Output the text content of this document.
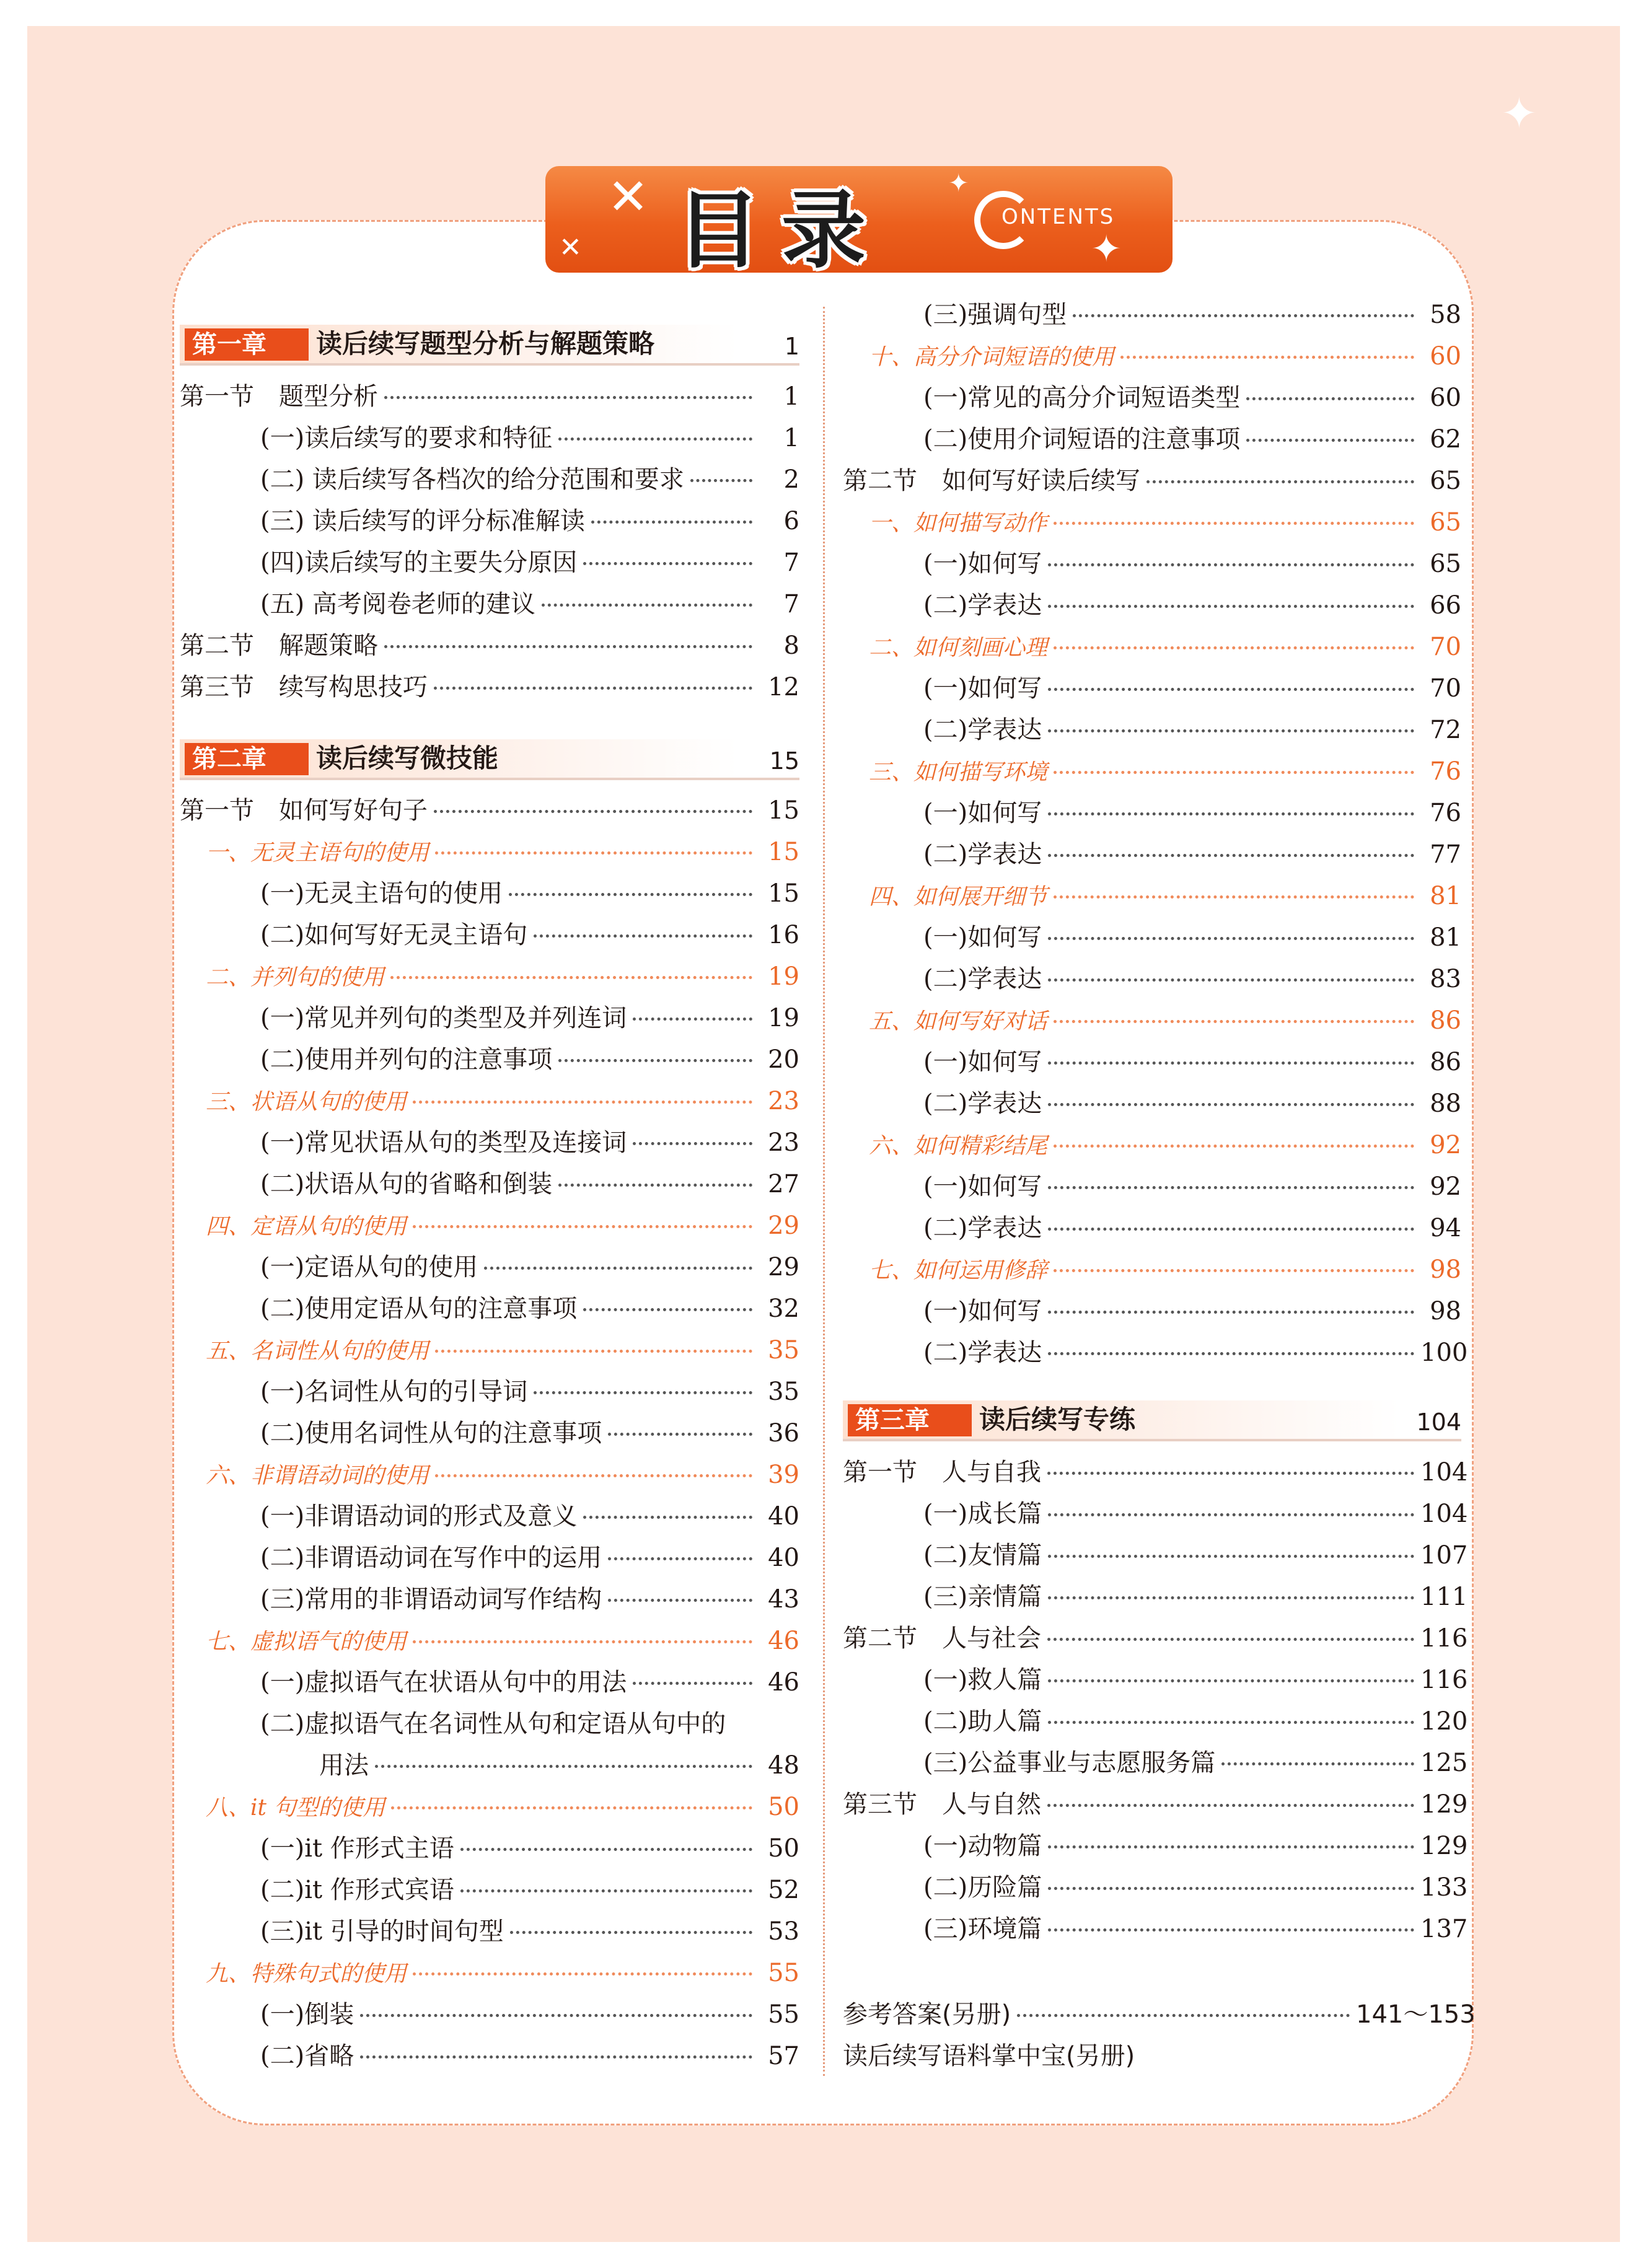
✦
✕
✕
✦
✦
目录	ONTENTS
第一章	读后续写题型分析与解题策略	1
第一节　题型分析	1
(一)读后续写的要求和特征	1
(二) 读后续写各档次的给分范围和要求	2
(三) 读后续写的评分标准解读	6
(四)读后续写的主要失分原因	7
(五) 高考阅卷老师的建议	7
第二节　解题策略	8
第三节　续写构思技巧	12
第二章	读后续写微技能	15
第一节　如何写好句子	15
一、无灵主语句的使用	15
(一)无灵主语句的使用	15
(二)如何写好无灵主语句	16
二、并列句的使用	19
(一)常见并列句的类型及并列连词	19
(二)使用并列句的注意事项	20
三、状语从句的使用	23
(一)常见状语从句的类型及连接词	23
(二)状语从句的省略和倒装	27
四、定语从句的使用	29
(一)定语从句的使用	29
(二)使用定语从句的注意事项	32
五、名词性从句的使用	35
(一)名词性从句的引导词	35
(二)使用名词性从句的注意事项	36
六、非谓语动词的使用	39
(一)非谓语动词的形式及意义	40
(二)非谓语动词在写作中的运用	40
(三)常用的非谓语动词写作结构	43
七、虚拟语气的使用	46
(一)虚拟语气在状语从句中的用法	46
(二)虚拟语气在名词性从句和定语从句中的
用法	48
八、it 句型的使用	50
(一)it 作形式主语	50
(二)it 作形式宾语	52
(三)it 引导的时间句型	53
九、特殊句式的使用	55
(一)倒装	55
(二)省略	57
(三)强调句型	58
十、高分介词短语的使用	60
(一)常见的高分介词短语类型	60
(二)使用介词短语的注意事项	62
第二节　如何写好读后续写	65
一、如何描写动作	65
(一)如何写	65
(二)学表达	66
二、如何刻画心理	70
(一)如何写	70
(二)学表达	72
三、如何描写环境	76
(一)如何写	76
(二)学表达	77
四、如何展开细节	81
(一)如何写	81
(二)学表达	83
五、如何写好对话	86
(一)如何写	86
(二)学表达	88
六、如何精彩结尾	92
(一)如何写	92
(二)学表达	94
七、如何运用修辞	98
(一)如何写	98
(二)学表达	100
第三章	读后续写专练	104
第一节　人与自我	104
(一)成长篇	104
(二)友情篇	107
(三)亲情篇	111
第二节　人与社会	116
(一)救人篇	116
(二)助人篇	120
(三)公益事业与志愿服务篇	125
第三节　人与自然	129
(一)动物篇	129
(二)历险篇	133
(三)环境篇	137
参考答案(另册)	141～153
读后续写语料掌中宝(另册)
